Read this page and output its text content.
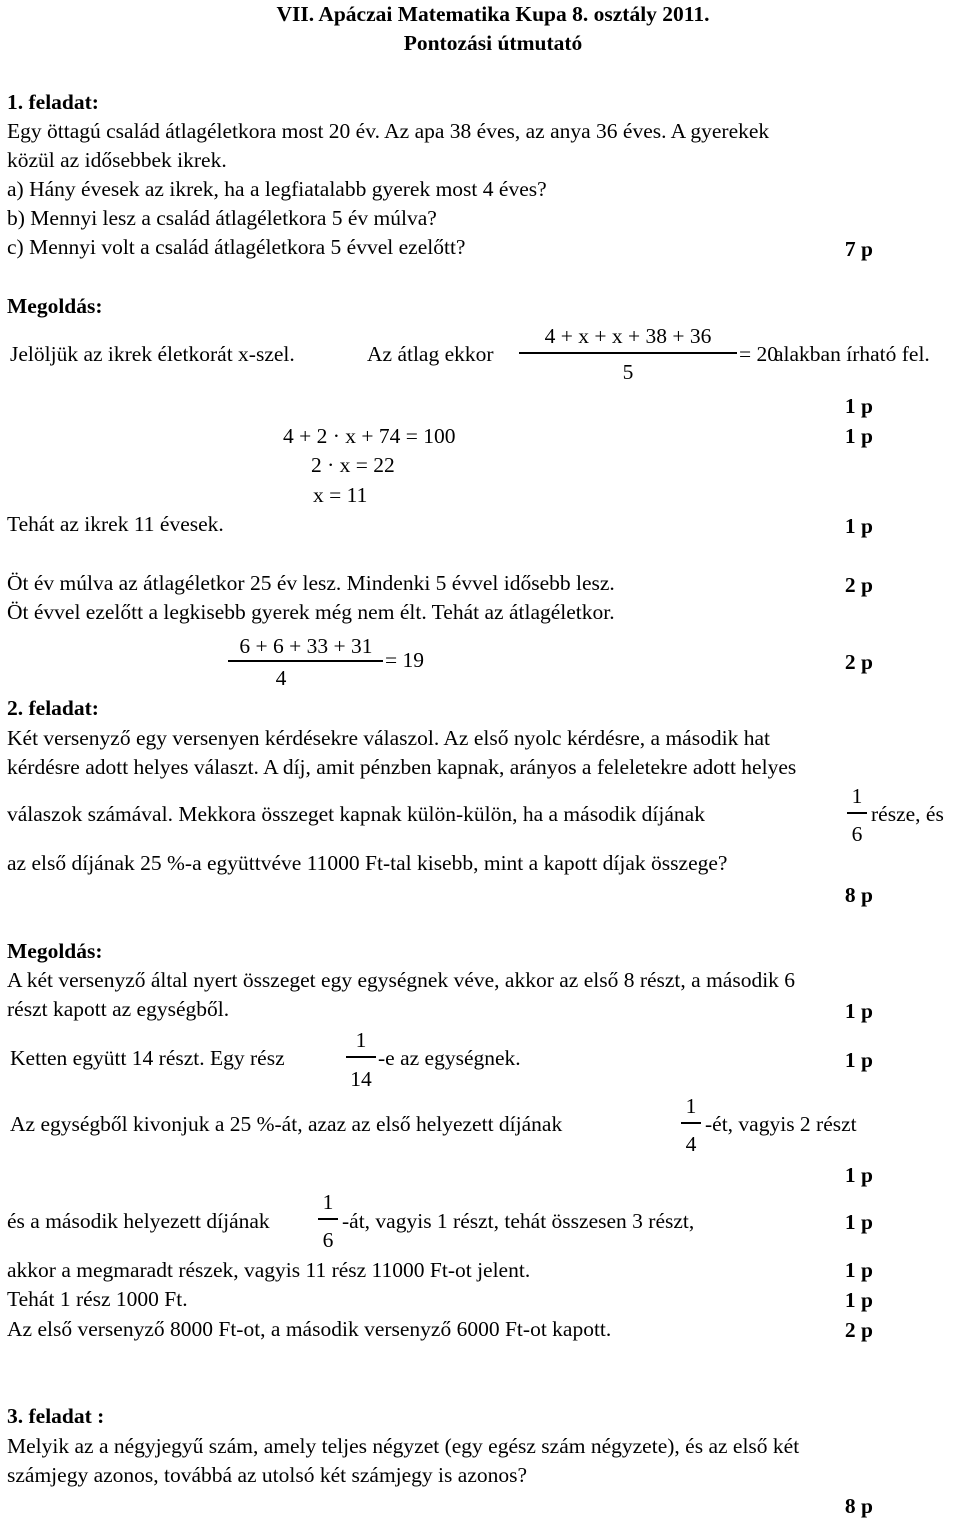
VII. Apáczai Matematika Kupa 8. osztály 2011.
Pontozási útmutató
1. feladat:
Egy öttagú család átlagéletkora most 20 év. Az apa 38 éves, az anya 36 éves. A gyerekek
közül az idősebbek ikrek.
a) Hány évesek az ikrek, ha a legfiatalabb gyerek most 4 éves?
b) Mennyi lesz a család átlagéletkora 5 év múlva?
c) Mennyi volt a család átlagéletkora 5 évvel ezelőtt?	7 p
Megoldás:
Jelöljük az ikrek életkorát x-szel.	Az átlag ekkor
4 + x + x + 38 + 36
5
= 20
alakban írható fel.
1 p
4 + 2 · x + 74 = 100	1 p
2 · x = 22
x = 11
Tehát az ikrek 11 évesek.	1 p
Öt év múlva az átlagéletkor 25 év lesz. Mindenki 5 évvel idősebb lesz.	2 p
Öt évvel ezelőtt a legkisebb gyerek még nem élt. Tehát az átlagéletkor.
6 + 6 + 33 + 31
4
= 19	2 p
2. feladat:
Két versenyző egy versenyen kérdésekre válaszol. Az első nyolc kérdésre, a második hat
kérdésre adott helyes választ. A díj, amit pénzben kapnak, arányos a feleletekre adott helyes
válaszok számával. Mekkora összeget kapnak külön-külön, ha a második díjának
1
6
része, és
az első díjának 25 %-a együttvéve 11000 Ft-tal kisebb, mint a kapott díjak összege?
8 p
Megoldás:
A két versenyző által nyert összeget egy egységnek véve, akkor az első 8 részt, a második 6
részt kapott az egységből.	1 p
Ketten együtt 14 részt. Egy rész
1
14
-e az egységnek.	1 p
Az egységből kivonjuk a 25 %-át, azaz az első helyezett díjának
1
4
-ét, vagyis 2 részt
1 p
és a második helyezett díjának
1
6
-át, vagyis 1 részt, tehát összesen 3 részt,	1 p
akkor a megmaradt részek, vagyis 11 rész 11000 Ft-ot jelent.	1 p
Tehát 1 rész 1000 Ft.	1 p
Az első versenyző 8000 Ft-ot, a második versenyző 6000 Ft-ot kapott.	2 p
3. feladat :
Melyik az a négyjegyű szám, amely teljes négyzet (egy egész szám négyzete), és az első két
számjegy azonos, továbbá az utolsó két számjegy is azonos?
8 p
